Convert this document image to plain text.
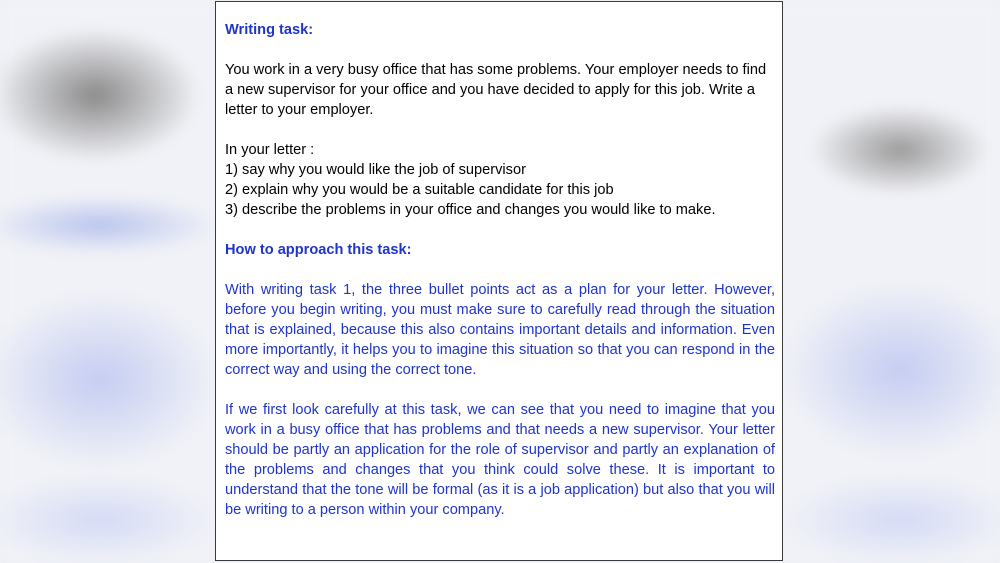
Writing task:

You work in a very busy office that has some problems. Your employer needs to find a new supervisor for your office and you have decided to apply for this job. Write a letter to your employer.

In your letter :

1) say why you would like the job of supervisor

2) explain why you would be a suitable candidate for this job

3) describe the problems in your office and changes you would like to make.

How to approach this task:

With writing task 1, the three bullet points act as a plan for your letter. However, before you begin writing, you must make sure to carefully read through the situation that is explained, because this also contains important details and information. Even more importantly, it helps you to imagine this situation so that you can respond in the correct way and using the correct tone.

If we first look carefully at this task, we can see that you need to imagine that you work in a busy office that has problems and that needs a new supervisor. Your letter should be partly an application for the role of supervisor and partly an explanation of the problems and changes that you think could solve these. It is important to understand that the tone will be formal (as it is a job application) but also that you will be writing to a person within your company.
